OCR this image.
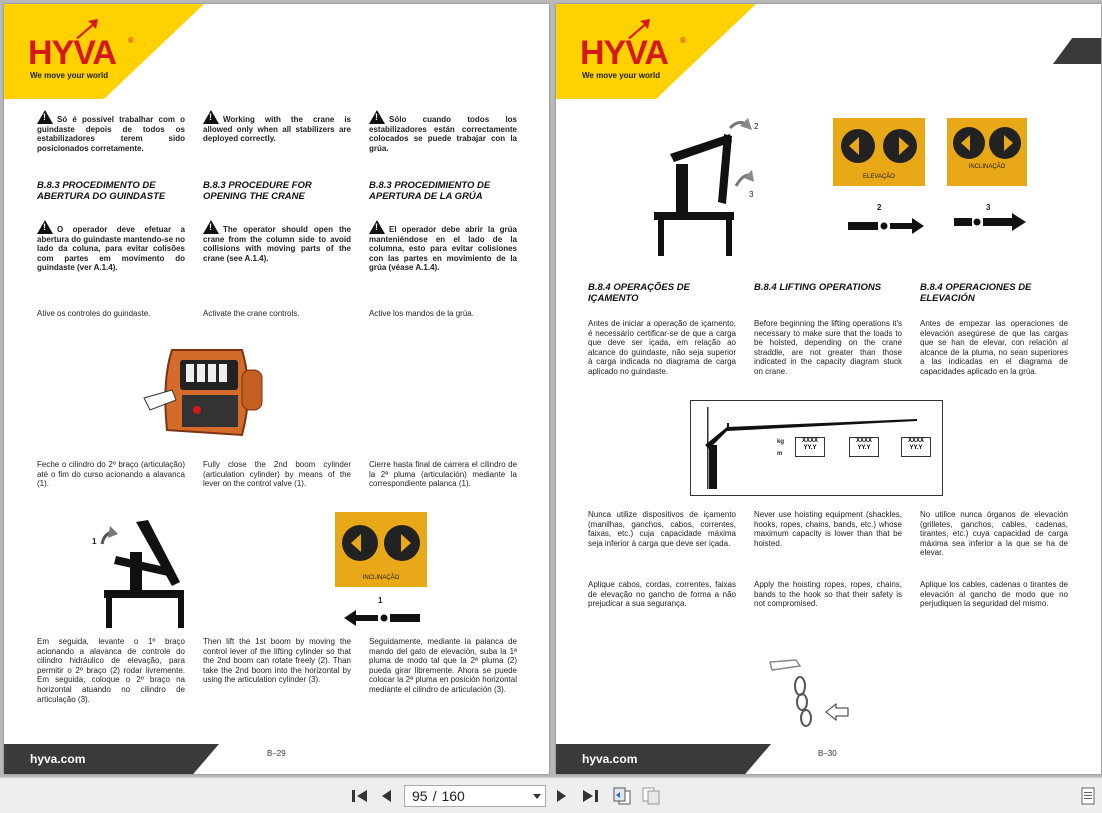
HYVA ®
We move your world
!Só é possível trabalhar com o guindaste depois de todos os estabilizadores terem sido posicionados corretamente.
!Working with the crane is allowed only when all stabilizers are deployed correctly.
!Sólo cuando todos los estabilizadores están correctamente colocados se puede trabajar con la grúa.
B.8.3 PROCEDIMENTO DE ABERTURA DO GUINDASTE
B.8.3 PROCEDURE FOR OPENING THE CRANE
B.8.3 PROCEDIMIENTO DE APERTURA DE LA GRÚA
!O operador deve efetuar a abertura do guindaste mantendo-se no lado da coluna, para evitar colisões com partes em movimento do guindaste (ver A.1.4).
!The operator should open the crane from the column side to avoid collisions with moving parts of the crane (see A.1.4).
!El operador debe abrir la grúa manteniéndose en el lado de la columna, esto para evitar colisiones con las partes en movimiento de la grúa (véase A.1.4).
Ative os controles do guindaste.	Activate the crane controls.	Active los mandos de la grúa.
Feche o cilindro do 2º braço (articulação) até o fim do curso acionando a alavanca (1).
Fully close the 2nd boom cylinder (articulation cylinder) by means of the lever on the control valve (1).
Cierre hasta final de carrera el cilindro de la 2ª pluma (articulación) mediante la correspondiente palanca (1).
1
INCLINAÇÃO
1
Em seguida, levante o 1º braço acionando a alavanca de controle do cilindro hidráulico de elevação, para permitir o 2º braço (2) rodar livremente. Em seguida, coloque o 2º braço na horizontal atuando no cilindro de articulação (3).
Then lift the 1st boom by moving the control lever of the lifting cylinder so that the 2nd boom can rotate freely (2). Than take the 2nd boom into the horizontal by using the articulation cylinder (3).
Seguidamente, mediante la palanca de mando del gato de elevación, suba la 1ª pluma de modo tal que la 2ª pluma (2) pueda girar libremente. Ahora se puede colocar la 2ª pluma en posición horizontal mediante el cilindro de articulación (3).
hyva.com	B–29
HYVA ®
We move your world
2
3
ELEVAÇÃO
INCLINAÇÃO
2	3
B.8.4 OPERAÇÕES DE IÇAMENTO
B.8.4 LIFTING OPERATIONS	B.8.4 OPERACIONES DE ELEVACIÓN
Antes de iniciar a operação de içamento, é necessário certificar-se de que a carga que deve ser içada, em relação ao alcance do guindaste, não seja superior à carga indicada no diagrama de carga aplicado no guindaste.
Before beginning the lifting operations it's necessary to make sure that the loads to be hoisted, depending on the crane straddle, are not greater than those indicated in the capacity diagram stuck on crane.
Antes de empezar las operaciones de elevación asegúrese de que las cargas que se han de elevar, con relación al alcance de la pluma, no sean superiores a las indicadas en el diagrama de capacidades aplicado en la grúa.
kg
m
XXXX
YY.Y
XXXX
YY.Y
XXXX
YY.Y
Nunca utilize dispositivos de içamento (manilhas, ganchos, cabos, correntes, faixas, etc.) cuja capacidade máxima seja inferior à carga que deve ser içada.
Never use hoisting equipment (shackles, hooks, ropes, chains, bands, etc.) whose maximum capacity is lower than that be hoisted.
No utilice nunca órganos de elevación (grilletes, ganchos, cables, cadenas, tirantes, etc.) cuya capacidad de carga máxima sea inferior a la que se ha de elevar.
Aplique cabos, cordas, correntes, faixas de elevação no gancho de forma a não prejudicar a sua segurança.
Apply the hoisting ropes, ropes, chains, bands to the hook so that their safety is not compromised.
Aplique los cables, cadenas o tirantes de elevación al gancho de modo que no perjudiquen la seguridad del mismo.
hyva.com	B–30
95 / 160
